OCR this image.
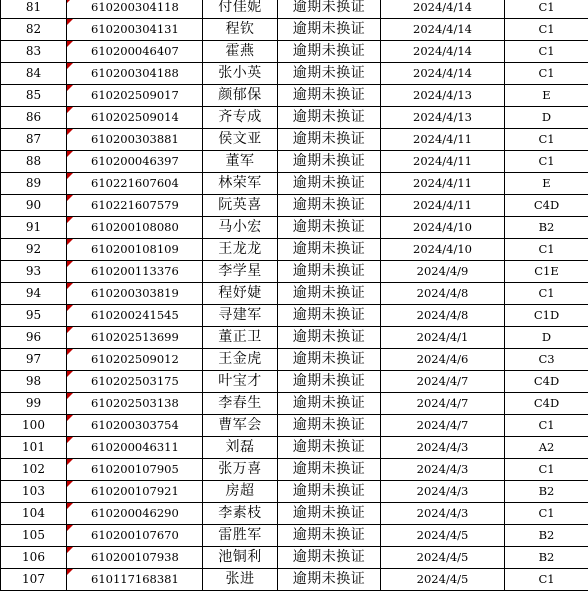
81	610200304118	付佳妮	逾期未换证	2024/4/14	C1
82	610200304131	程钦	逾期未换证	2024/4/14	C1
83	610200046407	霍燕	逾期未换证	2024/4/14	C1
84	610200304188	张小英	逾期未换证	2024/4/14	C1
85	610202509017	颜郁保	逾期未换证	2024/4/13	E
86	610202509014	齐专成	逾期未换证	2024/4/13	D
87	610200303881	侯文亚	逾期未换证	2024/4/11	C1
88	610200046397	董军	逾期未换证	2024/4/11	C1
89	610221607604	林荣军	逾期未换证	2024/4/11	E
90	610221607579	阮英喜	逾期未换证	2024/4/11	C4D
91	610200108080	马小宏	逾期未换证	2024/4/10	B2
92	610200108109	王龙龙	逾期未换证	2024/4/10	C1
93	610200113376	李学星	逾期未换证	2024/4/9	C1E
94	610200303819	程妤婕	逾期未换证	2024/4/8	C1
95	610200241545	寻建军	逾期未换证	2024/4/8	C1D
96	610202513699	董正卫	逾期未换证	2024/4/1	D
97	610202509012	王金虎	逾期未换证	2024/4/6	C3
98	610202503175	叶宝才	逾期未换证	2024/4/7	C4D
99	610202503138	李春生	逾期未换证	2024/4/7	C4D
100	610200303754	曹军会	逾期未换证	2024/4/7	C1
101	610200046311	刘磊	逾期未换证	2024/4/3	A2
102	610200107905	张万喜	逾期未换证	2024/4/3	C1
103	610200107921	房超	逾期未换证	2024/4/3	B2
104	610200046290	李素枝	逾期未换证	2024/4/3	C1
105	610200107670	雷胜军	逾期未换证	2024/4/5	B2
106	610200107938	池铜利	逾期未换证	2024/4/5	B2
107	610117168381	张进	逾期未换证	2024/4/5	C1
